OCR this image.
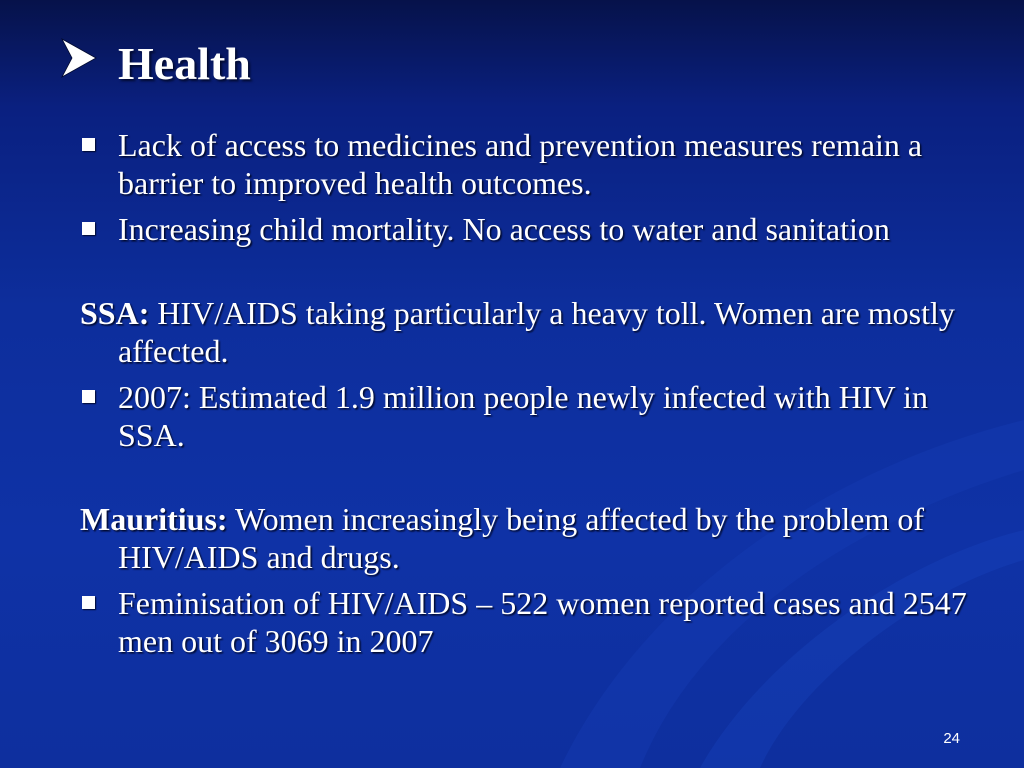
Health
Lack of access to medicines and prevention measures remain a barrier to improved health outcomes.
Increasing child mortality. No access to water and sanitation
SSA: HIV/AIDS taking particularly a heavy toll. Women are mostly affected.
2007: Estimated 1.9 million people newly infected with HIV in SSA.
Mauritius: Women increasingly being affected by the problem of HIV/AIDS and drugs.
Feminisation of HIV/AIDS – 522 women reported cases and 2547 men out of 3069 in 2007
24
